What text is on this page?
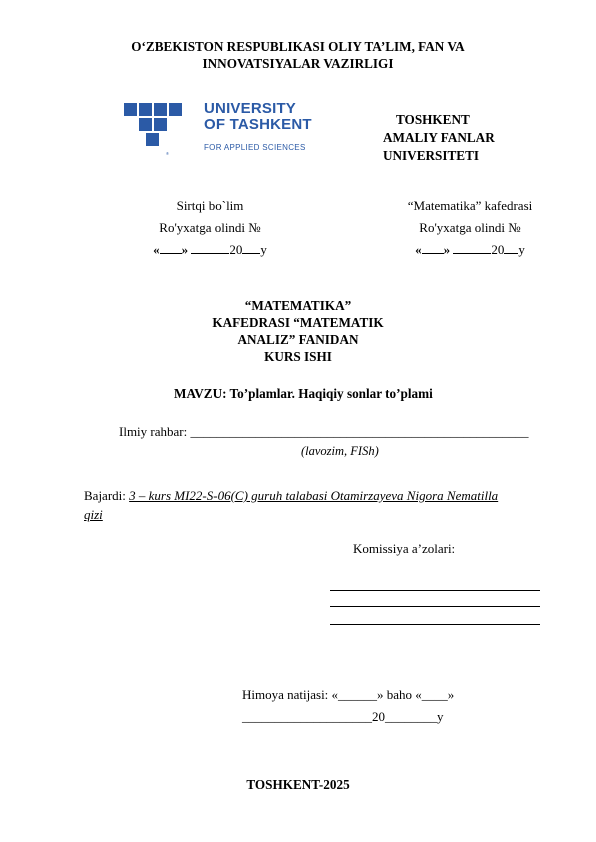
O‘ZBEKISTON RESPUBLIKASI OLIY TA’LIM, FAN VA
INNOVATSIYALAR VAZIRLIGI
®
UNIVERSITY
OF TASHKENT
FOR APPLIED SCIENCES
TOSHKENT
AMALIY FANLAR
UNIVERSITETI
Sirtqi bo`lim
Ro'yxatga olindi №
« »	20 y
“Matematika” kafedrasi
Ro'yxatga olindi №
« »	20 y
“MATEMATIKA”
KAFEDRASI “MATEMATIK
ANALIZ” FANIDAN
KURS ISHI
MAVZU: To’plamlar. Haqiqiy sonlar to’plami
Ilmiy rahbar: ____________________________________________________
(lavozim, FISh)
Bajardi: 3 – kurs MI22-S-06(C) guruh talabasi Otamirzayeva Nigora Nematilla
qizi
Komissiya a’zolari:
Himoya natijasi: «______» baho «____»
____________________20________y
TOSHKENT-2025
